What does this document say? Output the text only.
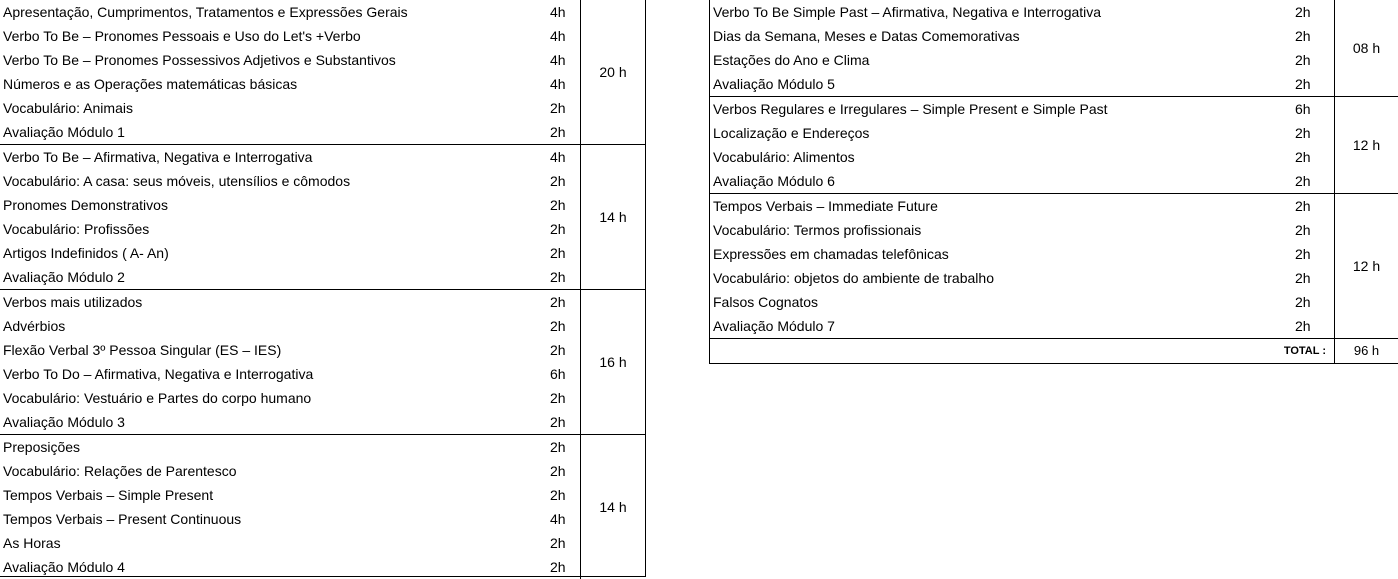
Apresentação, Cumprimentos, Tratamentos e Expressões Gerais	4h
Verbo To Be – Pronomes Pessoais e Uso do Let's +Verbo	4h
Verbo To Be – Pronomes Possessivos Adjetivos e Substantivos	4h
Números e as Operações matemáticas básicas	4h
Vocabulário: Animais	2h
Avaliação Módulo 1	2h
20 h
Verbo To Be – Afirmativa, Negativa e Interrogativa	4h
Vocabulário: A casa: seus móveis, utensílios e cômodos	2h
Pronomes Demonstrativos	2h
Vocabulário: Profissões	2h
Artigos Indefinidos ( A- An)	2h
Avaliação Módulo 2	2h
14 h
Verbos mais utilizados	2h
Advérbios	2h
Flexão Verbal 3º Pessoa Singular (ES – IES)	2h
Verbo To Do – Afirmativa, Negativa e Interrogativa	6h
Vocabulário: Vestuário e Partes do corpo humano	2h
Avaliação Módulo 3	2h
16 h
Preposições	2h
Vocabulário: Relações de Parentesco	2h
Tempos Verbais – Simple Present	2h
Tempos Verbais – Present Continuous	4h
As Horas	2h
Avaliação Módulo 4	2h
14 h
Verbo To Be Simple Past – Afirmativa, Negativa e Interrogativa	2h
Dias da Semana, Meses e Datas Comemorativas	2h
Estações do Ano e Clima	2h
Avaliação Módulo 5	2h
08 h
Verbos Regulares e Irregulares – Simple Present e Simple Past	6h
Localização e Endereços	2h
Vocabulário: Alimentos	2h
Avaliação Módulo 6	2h
12 h
Tempos Verbais – Immediate Future	2h
Vocabulário: Termos profissionais	2h
Expressões em chamadas telefônicas	2h
Vocabulário: objetos do ambiente de trabalho	2h
Falsos Cognatos	2h
Avaliação Módulo 7	2h
12 h
TOTAL :	96 h
